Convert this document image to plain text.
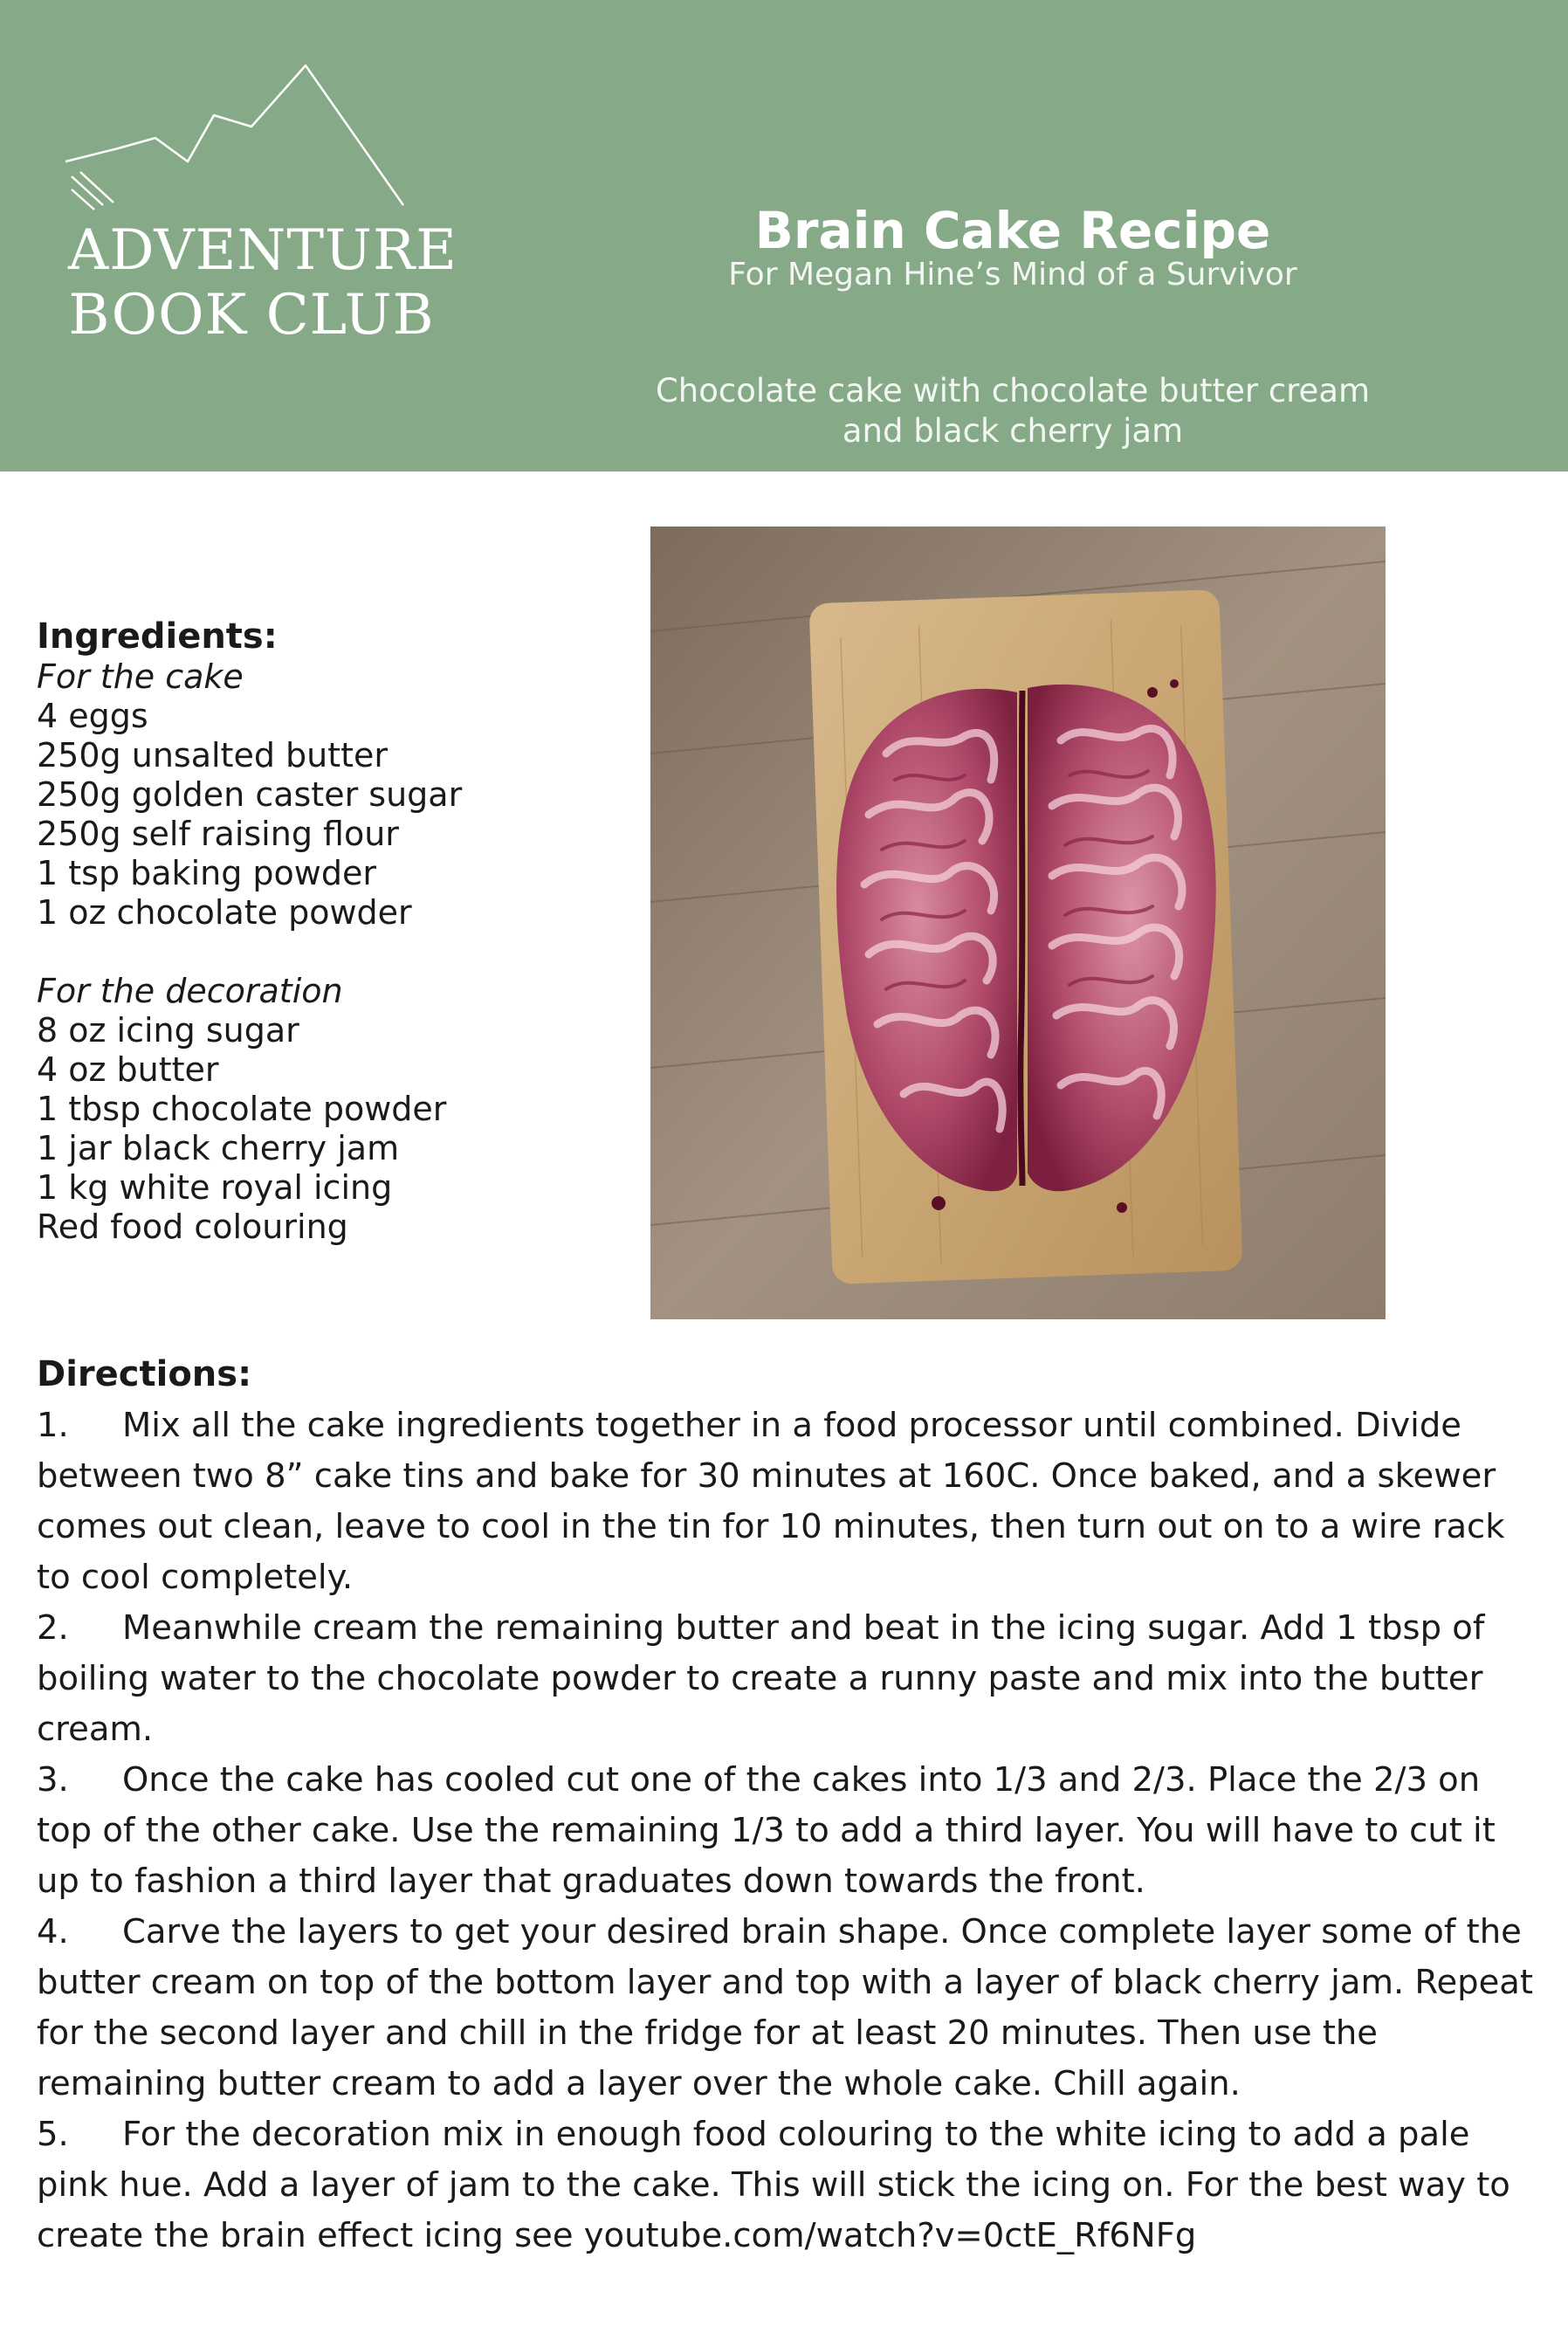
ADVENTURE
BOOK CLUB
Brain Cake Recipe
For Megan Hine’s Mind of a Survivor
Chocolate cake with chocolate butter cream
and black cherry jam
Ingredients:
For the cake
4 eggs
250g unsalted butter
250g golden caster sugar
250g self raising flour
1 tsp baking powder
1 oz chocolate powder
For the decoration
8 oz icing sugar
4 oz butter
1 tbsp chocolate powder
1 jar black cherry jam
1 kg white royal icing
Red food colouring
Directions:
1. Mix all the cake ingredients together in a food processor until combined. Divide between two 8” cake tins and bake for 30 minutes at 160C. Once baked, and a skewer comes out clean, leave to cool in the tin for 10 minutes, then turn out on to a wire rack to cool completely.
2. Meanwhile cream the remaining butter and beat in the icing sugar. Add 1 tbsp of boiling water to the chocolate powder to create a runny paste and mix into the butter cream.
3. Once the cake has cooled cut one of the cakes into 1/3 and 2/3. Place the 2/3 on top of the other cake. Use the remaining 1/3 to add a third layer. You will have to cut it up to fashion a third layer that graduates down towards the front.
4. Carve the layers to get your desired brain shape. Once complete layer some of the butter cream on top of the bottom layer and top with a layer of black cherry jam. Repeat for the second layer and chill in the fridge for at least 20 minutes. Then use the remaining butter cream to add a layer over the whole cake. Chill again.
5. For the decoration mix in enough food colouring to the white icing to add a pale pink hue. Add a layer of jam to the cake. This will stick the icing on. For the best way to create the brain effect icing see youtube.com/watch?v=0ctE_Rf6NFg
